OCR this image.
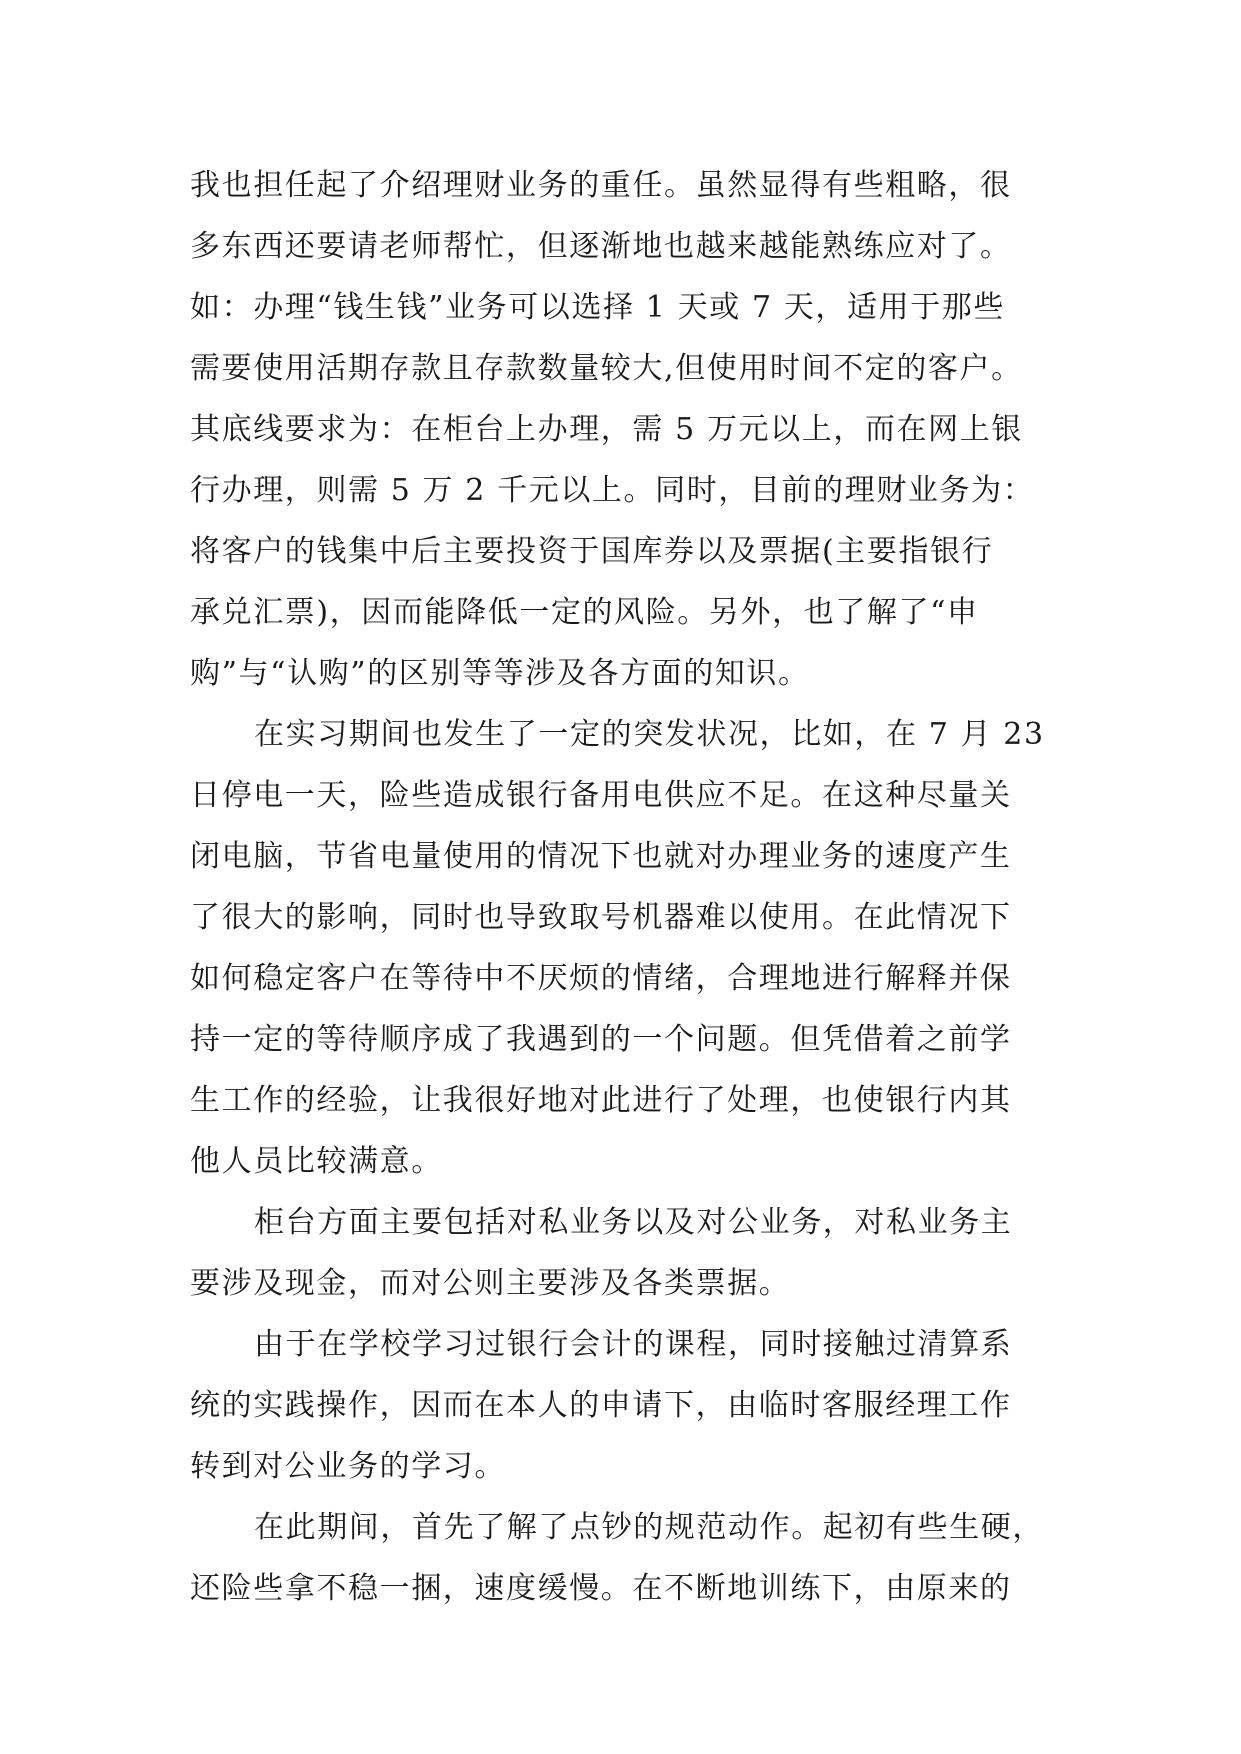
我也担任起了介绍理财业务的重任。虽然显得有些粗略，很
多东西还要请老师帮忙，但逐渐地也越来越能熟练应对了。
如：办理“钱生钱”业务可以选择 1 天或 7 天，适用于那些
需要使用活期存款且存款数量较大,但使用时间不定的客户。
其底线要求为：在柜台上办理，需 5 万元以上，而在网上银
行办理，则需 5 万 2 千元以上。同时，目前的理财业务为：
将客户的钱集中后主要投资于国库券以及票据(主要指银行
承兑汇票)，因而能降低一定的风险。另外，也了解了“申
购”与“认购”的区别等等涉及各方面的知识。
在实习期间也发生了一定的突发状况，比如，在 7 月 23
日停电一天，险些造成银行备用电供应不足。在这种尽量关
闭电脑，节省电量使用的情况下也就对办理业务的速度产生
了很大的影响，同时也导致取号机器难以使用。在此情况下
如何稳定客户在等待中不厌烦的情绪，合理地进行解释并保
持一定的等待顺序成了我遇到的一个问题。但凭借着之前学
生工作的经验，让我很好地对此进行了处理，也使银行内其
他人员比较满意。
柜台方面主要包括对私业务以及对公业务，对私业务主
要涉及现金，而对公则主要涉及各类票据。
由于在学校学习过银行会计的课程，同时接触过清算系
统的实践操作，因而在本人的申请下，由临时客服经理工作
转到对公业务的学习。
在此期间，首先了解了点钞的规范动作。起初有些生硬，
还险些拿不稳一捆，速度缓慢。在不断地训练下，由原来的
